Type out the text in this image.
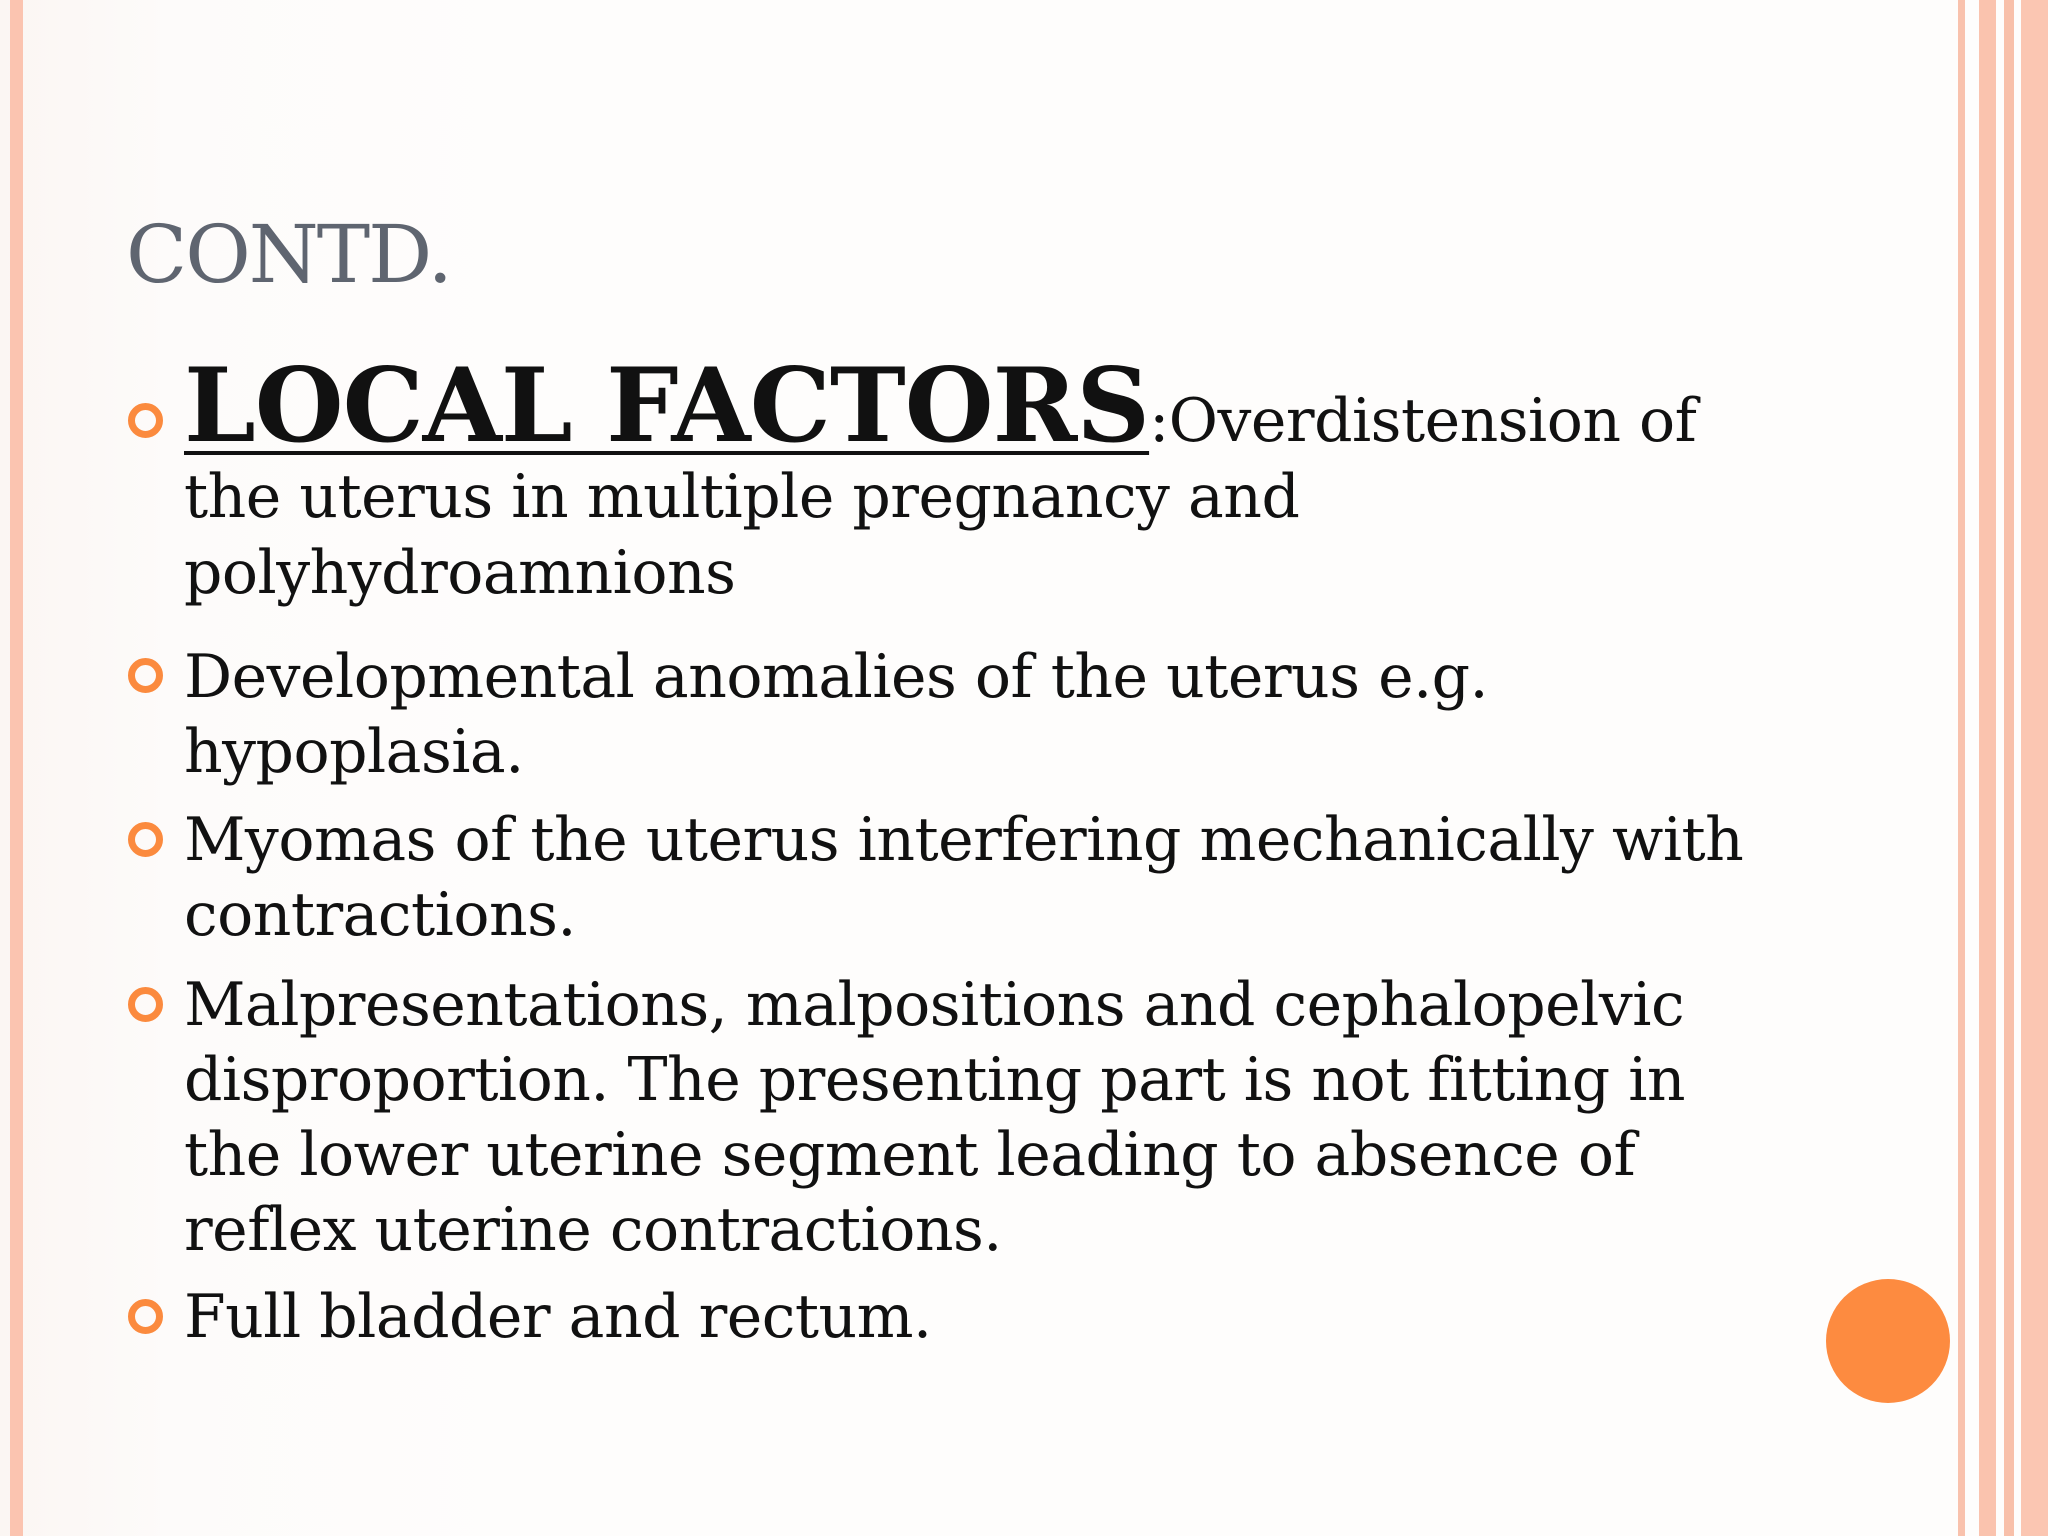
CONTD.
LOCAL FACTORS:Overdistension of the uterus in multiple pregnancy and polyhydroamnions
Developmental anomalies of the uterus e.g. hypoplasia.
Myomas of the uterus interfering mechanically with contractions.
Malpresentations, malpositions and cephalopelvic disproportion. The presenting part is not fitting in the lower uterine segment leading to absence of reflex uterine contractions.
Full bladder and rectum.
